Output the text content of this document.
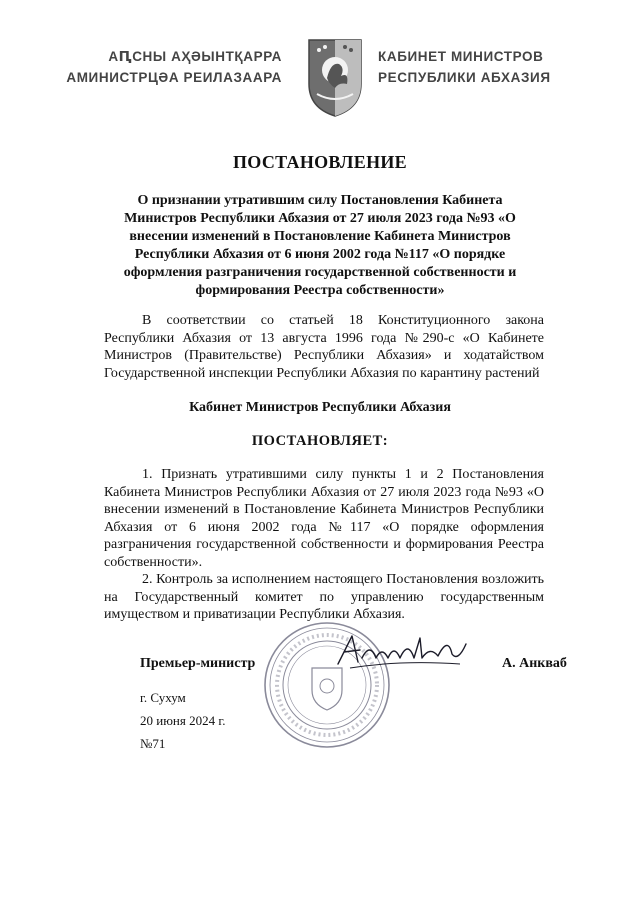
АԤСНЫ АҲӘЫНТҚАРРА
АМИНИСТРЦӘА РЕИЛАЗААРА
КАБИНЕТ МИНИСТРОВ
РЕСПУБЛИКИ АБХАЗИЯ
ПОСТАНОВЛЕНИЕ
О признании утратившим силу Постановления Кабинета Министров Республики Абхазия от 27 июля 2023 года №93 «О внесении изменений в Постановление Кабинета Министров Республики Абхазия от 6 июня 2002 года №117 «О порядке оформления разграничения государственной собственности и формирования Реестра собственности»

В соответствии со статьей 18 Конституционного закона Республики Абхазия от 13 августа 1996 года №290-с «О Кабинете Министров (Правительстве) Республики Абхазия» и ходатайством Государственной инспекции Республики Абхазия по карантину растений

Кабинет Министров Республики Абхазия
ПОСТАНОВЛЯЕТ:

1. Признать утратившими силу пункты 1 и 2 Постановления Кабинета Министров Республики Абхазия от 27 июля 2023 года №93 «О внесении изменений в Постановление Кабинета Министров Республики Абхазия от 6 июня 2002 года №117 «О порядке оформления разграничения государственной собственности и формирования Реестра собственности».

2. Контроль за исполнением настоящего Постановления возложить на Государственный комитет по управлению государственным имуществом и приватизации Республики Абхазия.

Премьер-министр	А. Анкваб
г. Сухум
20 июня 2024 г.
№71
